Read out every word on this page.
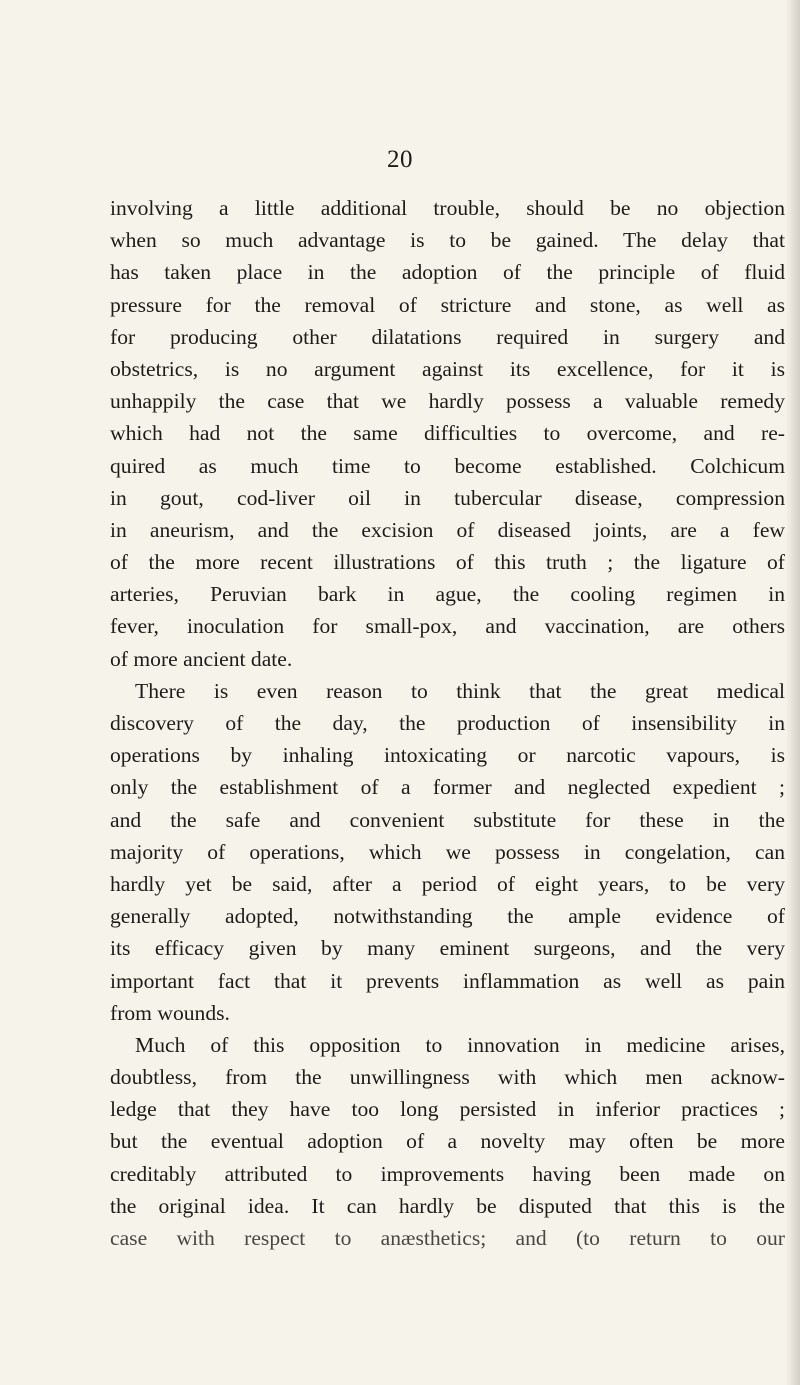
20
involving a little additional trouble, should be no objection
when so much advantage is to be gained. The delay that
has taken place in the adoption of the principle of fluid
pressure for the removal of stricture and stone, as well as
for producing other dilatations required in surgery and
obstetrics, is no argument against its excellence, for it is
unhappily the case that we hardly possess a valuable remedy
which had not the same difficulties to overcome, and re-
quired as much time to become established. Colchicum
in gout, cod-liver oil in tubercular disease, compression
in aneurism, and the excision of diseased joints, are a few
of the more recent illustrations of this truth ; the ligature of
arteries, Peruvian bark in ague, the cooling regimen in
fever, inoculation for small-pox, and vaccination, are others
of more ancient date.
There is even reason to think that the great medical
discovery of the day, the production of insensibility in
operations by inhaling intoxicating or narcotic vapours, is
only the establishment of a former and neglected expedient ;
and the safe and convenient substitute for these in the
majority of operations, which we possess in congelation, can
hardly yet be said, after a period of eight years, to be very
generally adopted, notwithstanding the ample evidence of
its efficacy given by many eminent surgeons, and the very
important fact that it prevents inflammation as well as pain
from wounds.
Much of this opposition to innovation in medicine arises,
doubtless, from the unwillingness with which men acknow-
ledge that they have too long persisted in inferior practices ;
but the eventual adoption of a novelty may often be more
creditably attributed to improvements having been made on
the original idea. It can hardly be disputed that this is the
case with respect to anæsthetics; and (to return to our
